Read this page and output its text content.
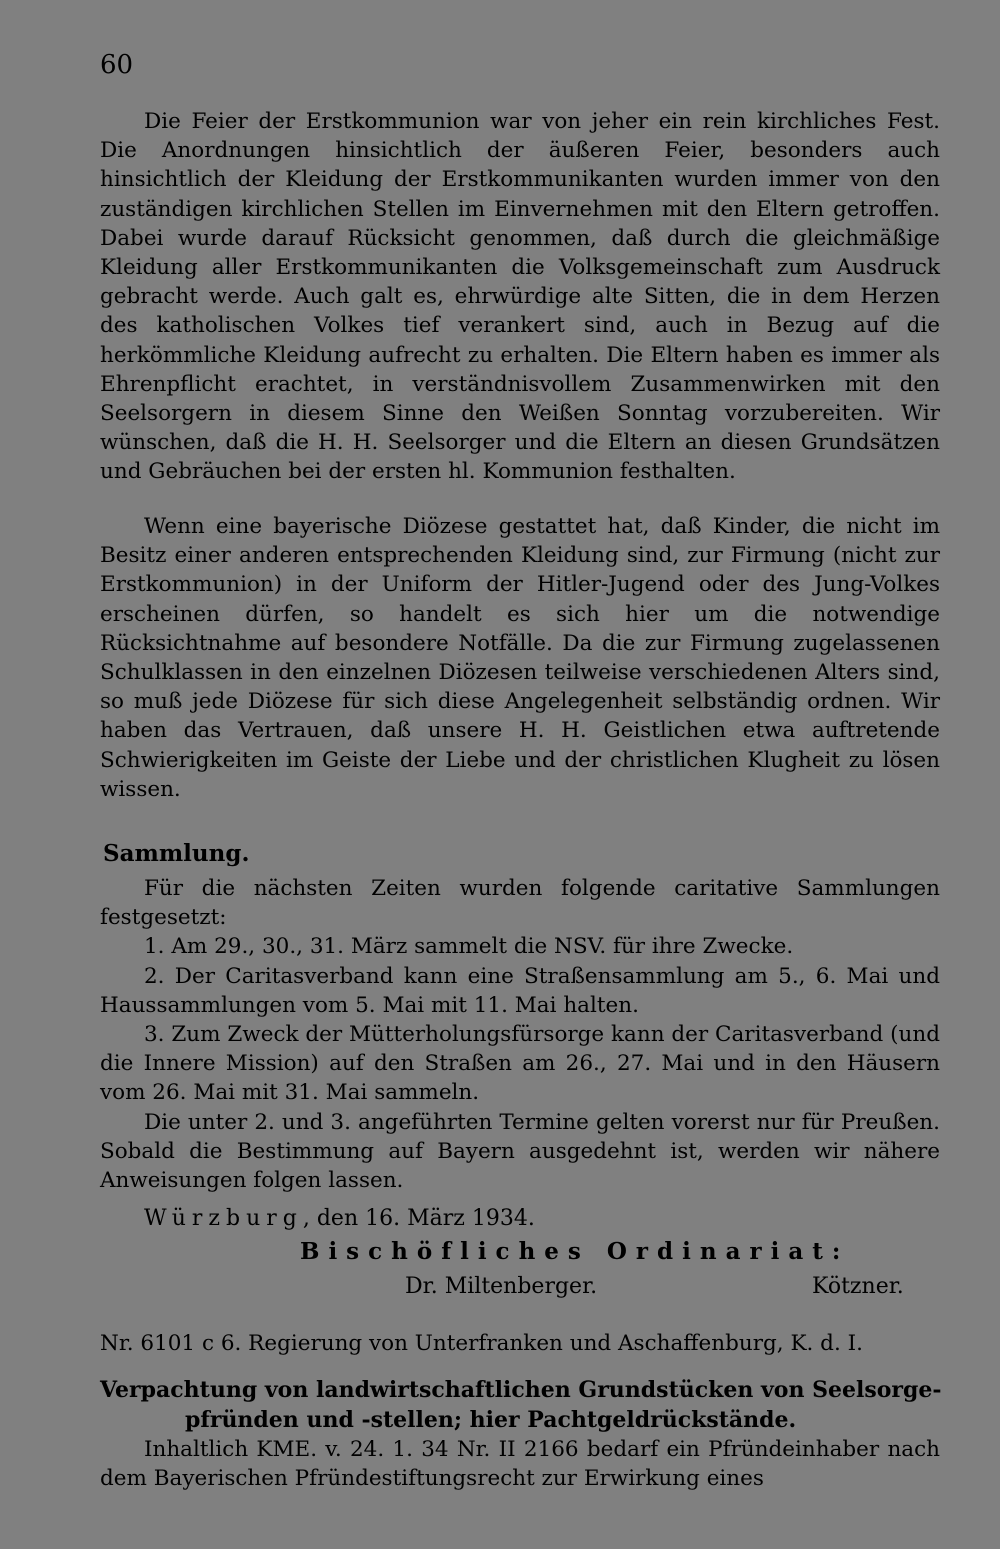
60

Die Feier der Erstkommunion war von jeher ein rein kirchliches Fest. Die Anordnungen hinsichtlich der äußeren Feier, besonders auch hinsichtlich der Kleidung der Erstkommunikanten wurden immer von den zuständigen kirchlichen Stellen im Einvernehmen mit den Eltern getroffen. Dabei wurde darauf Rücksicht genommen, daß durch die gleichmäßige Kleidung aller Erstkommunikanten die Volksgemeinschaft zum Ausdruck gebracht werde. Auch galt es, ehrwürdige alte Sitten, die in dem Herzen des katholischen Volkes tief verankert sind, auch in Bezug auf die herkömmliche Kleidung aufrecht zu erhalten. Die Eltern haben es immer als Ehrenpflicht erachtet, in verständnisvollem Zusammenwirken mit den Seelsorgern in diesem Sinne den Weißen Sonntag vorzubereiten. Wir wünschen, daß die H. H. Seelsorger und die Eltern an diesen Grundsätzen und Gebräuchen bei der ersten hl. Kommunion festhalten.

Wenn eine bayerische Diözese gestattet hat, daß Kinder, die nicht im Besitz einer anderen entsprechenden Kleidung sind, zur Firmung (nicht zur Erstkommunion) in der Uniform der Hitler-Jugend oder des Jung-Volkes erscheinen dürfen, so handelt es sich hier um die notwendige Rücksichtnahme auf besondere Notfälle. Da die zur Firmung zugelassenen Schulklassen in den einzelnen Diözesen teilweise verschiedenen Alters sind, so muß jede Diözese für sich diese Angelegenheit selbständig ordnen. Wir haben das Vertrauen, daß unsere H. H. Geistlichen etwa auftretende Schwierigkeiten im Geiste der Liebe und der christlichen Klugheit zu lösen wissen.

Sammlung.

Für die nächsten Zeiten wurden folgende caritative Sammlungen festgesetzt:

1. Am 29., 30., 31. März sammelt die NSV. für ihre Zwecke.

2. Der Caritasverband kann eine Straßensammlung am 5., 6. Mai und Haussammlungen vom 5. Mai mit 11. Mai halten.

3. Zum Zweck der Mütterholungsfürsorge kann der Caritasverband (und die Innere Mission) auf den Straßen am 26., 27. Mai und in den Häusern vom 26. Mai mit 31. Mai sammeln.

Die unter 2. und 3. angeführten Termine gelten vorerst nur für Preußen. Sobald die Bestimmung auf Bayern ausgedehnt ist, werden wir nähere Anweisungen folgen lassen.

Würzburg, den 16. März 1934.
Bischöfliches Ordinariat:
Dr. Miltenberger.	Kötzner.
Nr. 6101 c 6. Regierung von Unterfranken und Aschaffenburg, K. d. I.
Verpachtung von landwirtschaftlichen Grundstücken von Seelsorge-
pfründen und -stellen; hier Pachtgeldrückstände.

Inhaltlich KME. v. 24. 1. 34 Nr. II 2166 bedarf ein Pfründeinhaber nach dem Bayerischen Pfründestiftungsrecht zur Erwirkung eines
